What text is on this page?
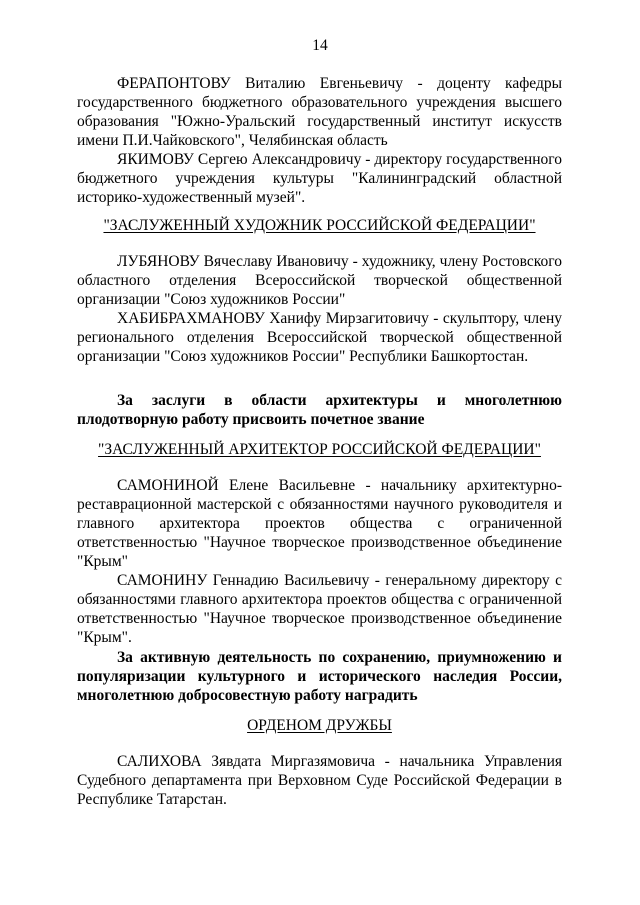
14

ФЕРАПОНТОВУ Виталию Евгеньевичу - доценту кафедры государственного бюджетного образовательного учреждения высшего образования "Южно-Уральский государственный институт искусств имени П.И.Чайковского", Челябинская область

ЯКИМОВУ Сергею Александровичу - директору государственного бюджетного учреждения культуры "Калининградский областной историко-художественный музей".

"ЗАСЛУЖЕННЫЙ ХУДОЖНИК РОССИЙСКОЙ ФЕДЕРАЦИИ"

ЛУБЯНОВУ Вячеславу Ивановичу - художнику, члену Ростовского областного отделения Всероссийской творческой общественной организации "Союз художников России"

ХАБИБРАХМАНОВУ Ханифу Мирзагитовичу - скульптору, члену регионального отделения Всероссийской творческой общественной организации "Союз художников России" Республики Башкортостан.

За заслуги в области архитектуры и многолетнюю плодотворную работу присвоить почетное звание

"ЗАСЛУЖЕННЫЙ АРХИТЕКТОР РОССИЙСКОЙ ФЕДЕРАЦИИ"

САМОНИНОЙ Елене Васильевне - начальнику архитектурно-реставрационной мастерской с обязанностями научного руководителя и главного архитектора проектов общества с ограниченной ответственностью "Научное творческое производственное объединение "Крым"

САМОНИНУ Геннадию Васильевичу - генеральному директору с обязанностями главного архитектора проектов общества с ограниченной ответственностью "Научное творческое производственное объединение "Крым".

За активную деятельность по сохранению, приумножению и популяризации культурного и исторического наследия России, многолетнюю добросовестную работу наградить

ОРДЕНОМ ДРУЖБЫ

САЛИХОВА Зявдата Миргазямовича - начальника Управления Судебного департамента при Верховном Суде Российской Федерации в Республике Татарстан.
